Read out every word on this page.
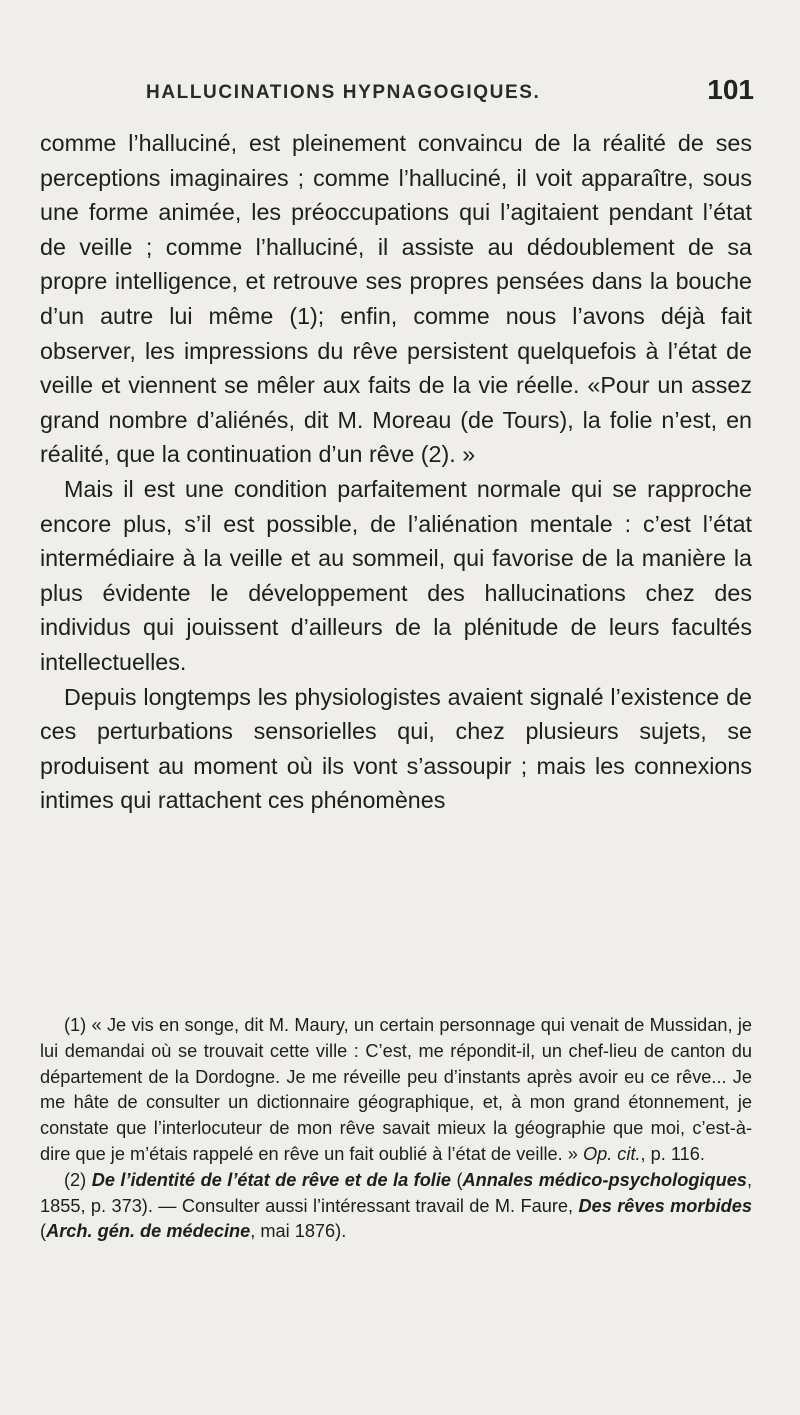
HALLUCINATIONS HYPNAGOGIQUES.	101

comme l’halluciné, est pleinement convaincu de la réalité de ses perceptions imaginaires ; comme l’halluciné, il voit apparaître, sous une forme animée, les préoccupations qui l’agitaient pendant l’état de veille ; comme l’halluciné, il assiste au dédoublement de sa propre intelligence, et retrouve ses propres pensées dans la bouche d’un autre lui même (1); enfin, comme nous l’avons déjà fait observer, les impressions du rêve persistent quelquefois à l’état de veille et viennent se mêler aux faits de la vie réelle. «Pour un assez grand nombre d’aliénés, dit M. Moreau (de Tours), la folie n’est, en réalité, que la continuation d’un rêve (2). »

Mais il est une condition parfaitement normale qui se rapproche encore plus, s’il est possible, de l’aliénation mentale : c’est l’état intermédiaire à la veille et au sommeil, qui favorise de la manière la plus évidente le développement des hallucinations chez des individus qui jouissent d’ailleurs de la plénitude de leurs facultés intellectuelles.

Depuis longtemps les physiologistes avaient signalé l’existence de ces perturbations sensorielles qui, chez plusieurs sujets, se produisent au moment où ils vont s’assoupir ; mais les connexions intimes qui rattachent ces phénomènes

(1) « Je vis en songe, dit M. Maury, un certain personnage qui venait de Mussidan, je lui demandai où se trouvait cette ville : C’est, me répondit-il, un chef-lieu de canton du département de la Dordogne. Je me réveille peu d’instants après avoir eu ce rêve... Je me hâte de consulter un dictionnaire géographique, et, à mon grand étonnement, je constate que l’interlocuteur de mon rêve savait mieux la géographie que moi, c’est-à-dire que je m’étais rappelé en rêve un fait oublié à l’état de veille. » Op. cit., p. 116.

(2) De l’identité de l’état de rêve et de la folie (Annales médico-psychologiques, 1855, p. 373). — Consulter aussi l’intéressant travail de M. Faure, Des rêves morbides (Arch. gén. de médecine, mai 1876).
